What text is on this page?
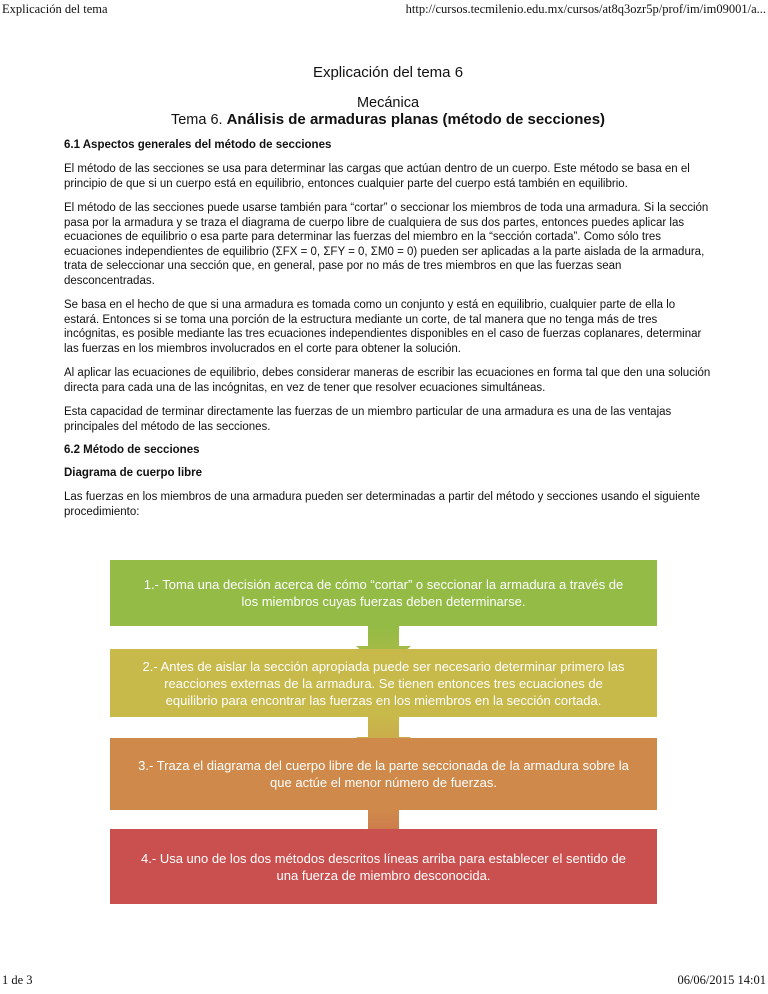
Explicación del tema	http://cursos.tecmilenio.edu.mx/cursos/at8q3ozr5p/prof/im/im09001/a...
Explicación del tema 6
Mecánica
Tema 6. Análisis de armaduras planas (método de secciones)
6.1 Aspectos generales del método de secciones

El método de las secciones se usa para determinar las cargas que actúan dentro de un cuerpo. Este método se basa en el principio de que si un cuerpo está en equilibrio, entonces cualquier parte del cuerpo está también en equilibrio.

El método de las secciones puede usarse también para “cortar” o seccionar los miembros de toda una armadura. Si la sección pasa por la armadura y se traza el diagrama de cuerpo libre de cualquiera de sus dos partes, entonces puedes aplicar las ecuaciones de equilibrio o esa parte para determinar las fuerzas del miembro en la “sección cortada”. Como sólo tres ecuaciones independientes de equilibrio (ΣFX = 0, ΣFY = 0, ΣM0 = 0) pueden ser aplicadas a la parte aislada de la armadura, trata de seleccionar una sección que, en general, pase por no más de tres miembros en que las fuerzas sean desconcentradas.

Se basa en el hecho de que si una armadura es tomada como un conjunto y está en equilibrio, cualquier parte de ella lo estará. Entonces si se toma una porción de la estructura mediante un corte, de tal manera que no tenga más de tres incógnitas, es posible mediante las tres ecuaciones independientes disponibles en el caso de fuerzas coplanares, determinar las fuerzas en los miembros involucrados en el corte para obtener la solución.

Al aplicar las ecuaciones de equilibrio, debes considerar maneras de escribir las ecuaciones en forma tal que den una solución directa para cada una de las incógnitas, en vez de tener que resolver ecuaciones simultáneas.

Esta capacidad de terminar directamente las fuerzas de un miembro particular de una armadura es una de las ventajas principales del método de las secciones.

6.2 Método de secciones
Diagrama de cuerpo libre

Las fuerzas en los miembros de una armadura pueden ser determinadas a partir del método y secciones usando el siguiente procedimiento:

1.- Toma una decisión acerca de cómo “cortar” o seccionar la armadura a través de
los miembros cuyas fuerzas deben determinarse.
2.- Antes de aislar la sección apropiada puede ser necesario determinar primero las
reacciones externas de la armadura. Se tienen entonces tres ecuaciones de
equilibrio para encontrar las fuerzas en los miembros en la sección cortada.
3.- Traza el diagrama del cuerpo libre de la parte seccionada de la armadura sobre la
que actúe el menor número de fuerzas.
4.- Usa uno de los dos métodos descritos líneas arriba para establecer el sentido de
una fuerza de miembro desconocida.
1 de 3	06/06/2015 14:01
